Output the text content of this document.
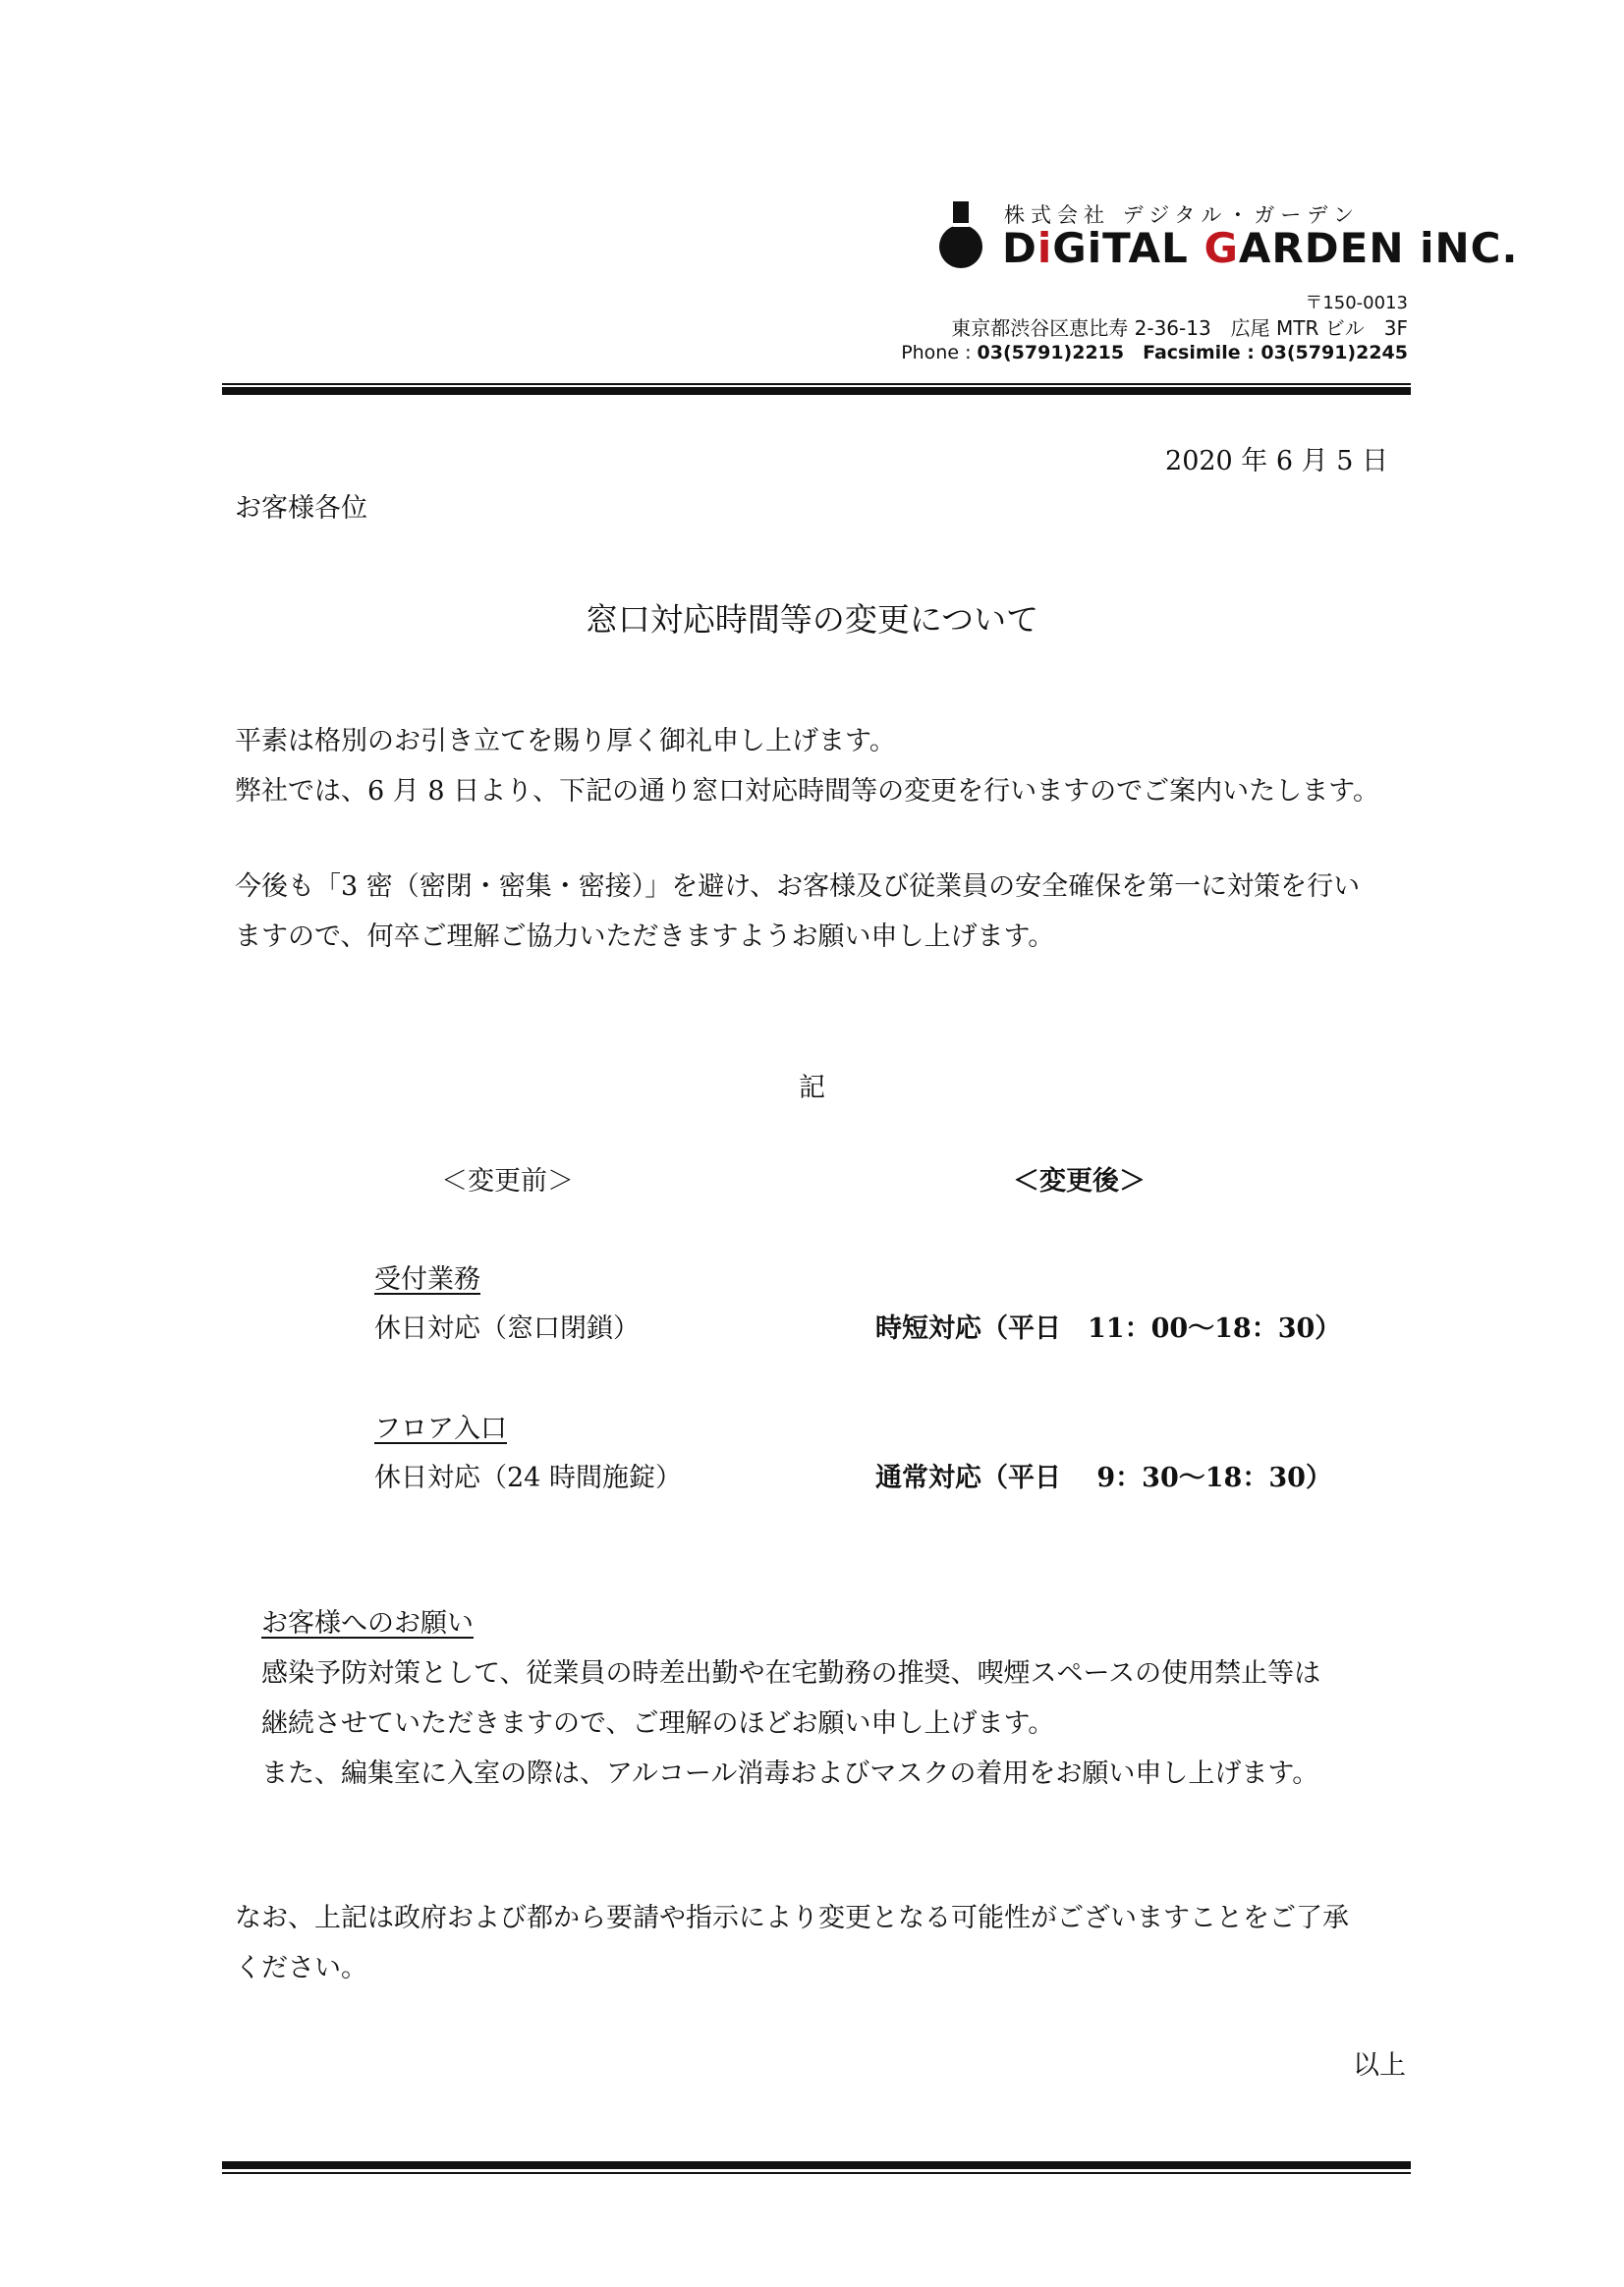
株式会社 デジタル・ガーデン
DiGiTAL GARDEN iNC.
〒150-0013
東京都渋谷区恵比寿 2-36-13　広尾 MTR ビル　3F
Phone : 03(5791)2215  Facsimile : 03(5791)2245
2020 年 6 月 5 日
お客様各位
窓口対応時間等の変更について
平素は格別のお引き立てを賜り厚く御礼申し上げます。
弊社では、6 月 8 日より、下記の通り窓口対応時間等の変更を行いますのでご案内いたします。
今後も「3 密（密閉・密集・密接）」を避け、お客様及び従業員の安全確保を第一に対策を行い
ますので、何卒ご理解ご協力いただきますようお願い申し上げます。
記
＜変更前＞	＜変更後＞
受付業務
休日対応（窓口閉鎖）	時短対応（平日　11：00〜18：30）
フロア入口
休日対応（24 時間施錠）	通常対応（平日　 9：30〜18：30）
お客様へのお願い
感染予防対策として、従業員の時差出勤や在宅勤務の推奨、喫煙スペースの使用禁止等は
継続させていただきますので、ご理解のほどお願い申し上げます。
また、編集室に入室の際は、アルコール消毒およびマスクの着用をお願い申し上げます。
なお、上記は政府および都から要請や指示により変更となる可能性がございますことをご了承
ください。
以上
